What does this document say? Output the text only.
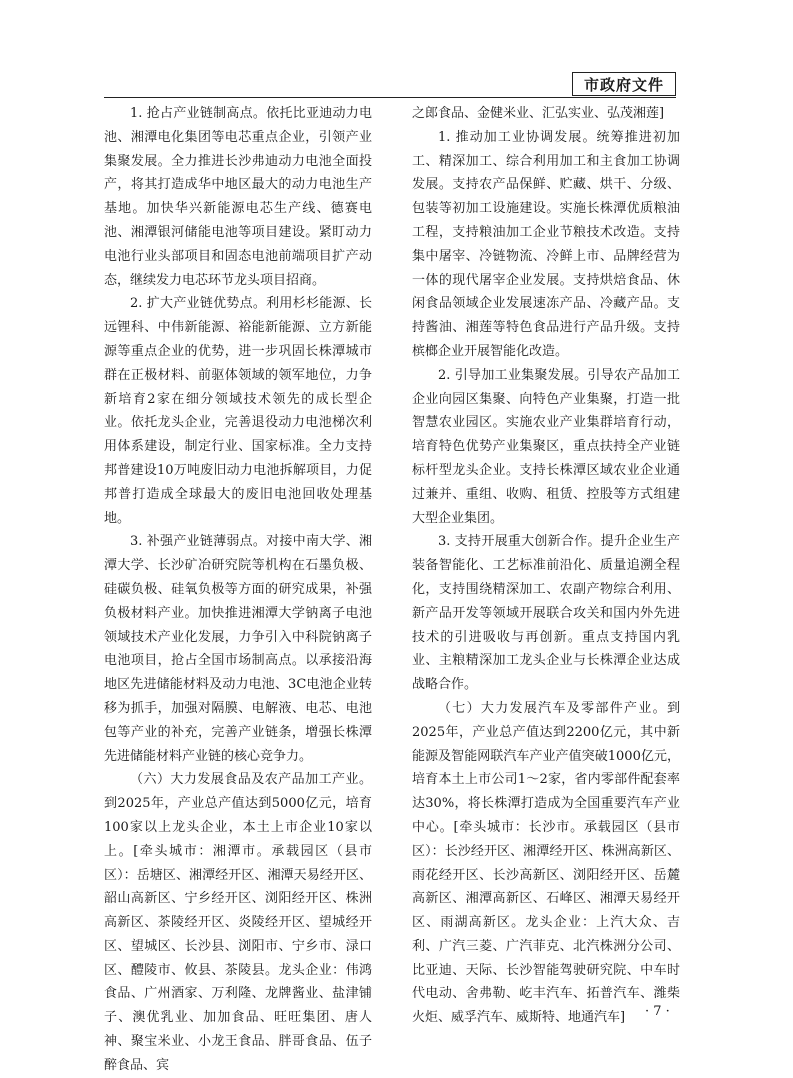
市政府文件

1. 抢占产业链制高点。依托比亚迪动力电池、湘潭电化集团等电芯重点企业，引领产业集聚发展。全力推进长沙弗迪动力电池全面投产，将其打造成华中地区最大的动力电池生产基地。加快华兴新能源电芯生产线、德赛电池、湘潭银河储能电池等项目建设。紧盯动力电池行业头部项目和固态电池前端项目扩产动态，继续发力电芯环节龙头项目招商。

2. 扩大产业链优势点。利用杉杉能源、长远锂科、中伟新能源、裕能新能源、立方新能源等重点企业的优势，进一步巩固长株潭城市群在正极材料、前驱体领域的领军地位，力争新培育2家在细分领域技术领先的成长型企业。依托龙头企业，完善退役动力电池梯次利用体系建设，制定行业、国家标准。全力支持邦普建设10万吨废旧动力电池拆解项目，力促邦普打造成全球最大的废旧电池回收处理基地。

3. 补强产业链薄弱点。对接中南大学、湘潭大学、长沙矿冶研究院等机构在石墨负极、硅碳负极、硅氧负极等方面的研究成果，补强负极材料产业。加快推进湘潭大学钠离子电池领域技术产业化发展，力争引入中科院钠离子电池项目，抢占全国市场制高点。以承接沿海地区先进储能材料及动力电池、3C电池企业转移为抓手，加强对隔膜、电解液、电芯、电池包等产业的补充，完善产业链条，增强长株潭先进储能材料产业链的核心竞争力。

（六）大力发展食品及农产品加工产业。到2025年，产业总产值达到5000亿元，培育100家以上龙头企业，本土上市企业10家以上。[牵头城市：湘潭市。承载园区（县市区）：岳塘区、湘潭经开区、湘潭天易经开区、韶山高新区、宁乡经开区、浏阳经开区、株洲高新区、茶陵经开区、炎陵经开区、望城经开区、望城区、长沙县、浏阳市、宁乡市、渌口区、醴陵市、攸县、茶陵县。龙头企业：伟鸿食品、广州酒家、万利隆、龙牌酱业、盐津铺子、澳优乳业、加加食品、旺旺集团、唐人神、聚宝米业、小龙王食品、胖哥食品、伍子醉食品、宾

之郎食品、金健米业、汇弘实业、弘茂湘莲]

1. 推动加工业协调发展。统筹推进初加工、精深加工、综合利用加工和主食加工协调发展。支持农产品保鲜、贮藏、烘干、分级、包装等初加工设施建设。实施长株潭优质粮油工程，支持粮油加工企业节粮技术改造。支持集中屠宰、冷链物流、冷鲜上市、品牌经营为一体的现代屠宰企业发展。支持烘焙食品、休闲食品领域企业发展速冻产品、冷藏产品。支持酱油、湘莲等特色食品进行产品升级。支持槟榔企业开展智能化改造。

2. 引导加工业集聚发展。引导农产品加工企业向园区集聚、向特色产业集聚，打造一批智慧农业园区。实施农业产业集群培育行动，培育特色优势产业集聚区，重点扶持全产业链标杆型龙头企业。支持长株潭区域农业企业通过兼并、重组、收购、租赁、控股等方式组建大型企业集团。

3. 支持开展重大创新合作。提升企业生产装备智能化、工艺标准前沿化、质量追溯全程化，支持围绕精深加工、农副产物综合利用、新产品开发等领域开展联合攻关和国内外先进技术的引进吸收与再创新。重点支持国内乳业、主粮精深加工龙头企业与长株潭企业达成战略合作。

（七）大力发展汽车及零部件产业。到2025年，产业总产值达到2200亿元，其中新能源及智能网联汽车产业产值突破1000亿元，培育本土上市公司1～2家，省内零部件配套率达30%，将长株潭打造成为全国重要汽车产业中心。[牵头城市：长沙市。承载园区（县市区）：长沙经开区、湘潭经开区、株洲高新区、雨花经开区、长沙高新区、浏阳经开区、岳麓高新区、湘潭高新区、石峰区、湘潭天易经开区、雨湖高新区。龙头企业：上汽大众、吉利、广汽三菱、广汽菲克、北汽株洲分公司、比亚迪、天际、长沙智能驾驶研究院、中车时代电动、舍弗勒、屹丰汽车、拓普汽车、潍柴火炬、威孚汽车、威斯特、地通汽车]	· 7 ·
